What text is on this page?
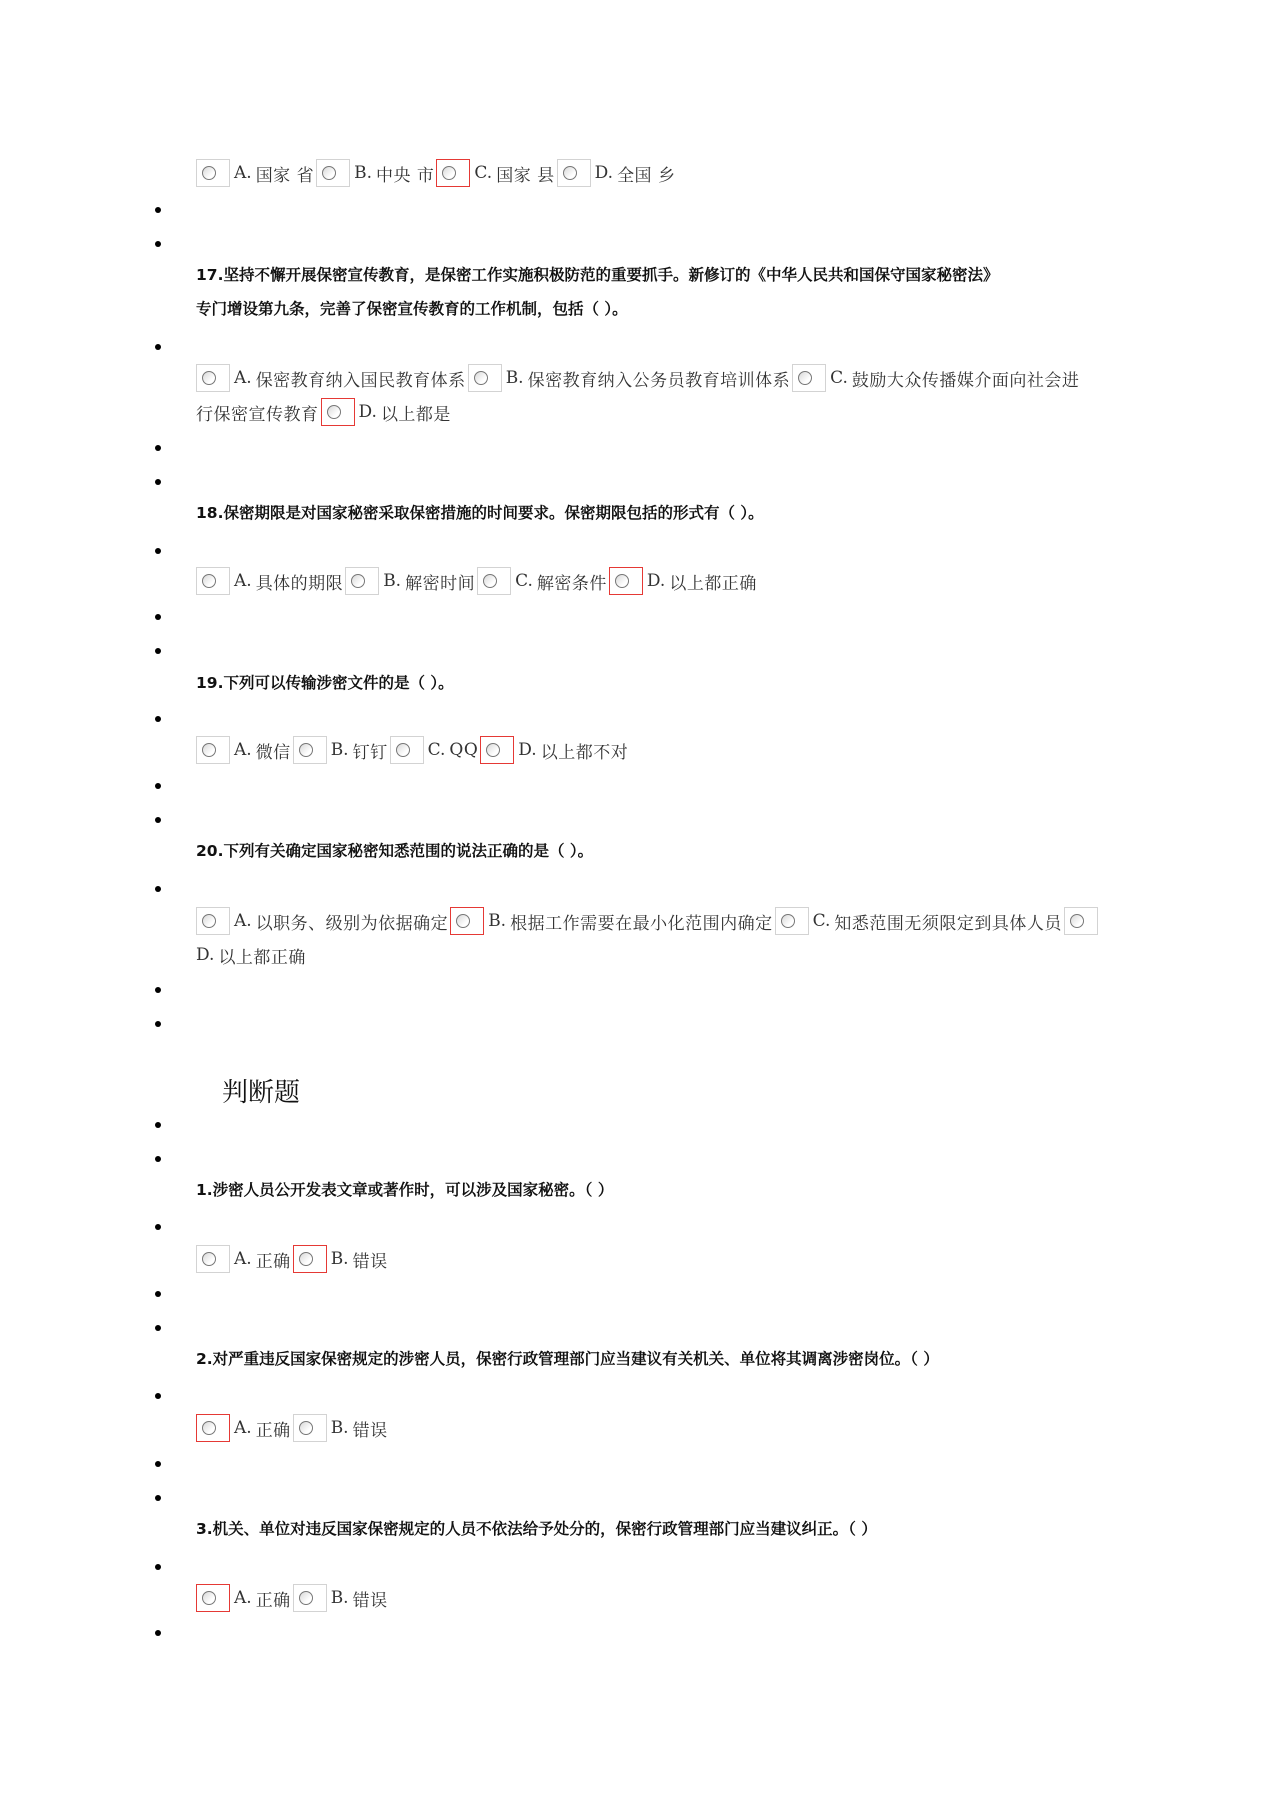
A. 国家 省 B. 中央 市 C. 国家 县 D. 全国 乡
17.坚持不懈开展保密宣传教育，是保密工作实施积极防范的重要抓手。新修订的《中华人民共和国保守国家秘密法》
专门增设第九条，完善了保密宣传教育的工作机制，包括（ ）。
A. 保密教育纳入国民教育体系 B. 保密教育纳入公务员教育培训体系 C. 鼓励大众传播媒介面向社会进
行保密宣传教育 D. 以上都是
18.保密期限是对国家秘密采取保密措施的时间要求。保密期限包括的形式有（ ）。
A. 具体的期限 B. 解密时间 C. 解密条件 D. 以上都正确
19.下列可以传输涉密文件的是（ ）。
A. 微信 B. 钉钉 C. QQ D. 以上都不对
20.下列有关确定国家秘密知悉范围的说法正确的是（ ）。
A. 以职务、级别为依据确定 B. 根据工作需要在最小化范围内确定 C. 知悉范围无须限定到具体人员
D. 以上都正确
判断题
1.涉密人员公开发表文章或著作时，可以涉及国家秘密。（ ）
A. 正确 B. 错误
2.对严重违反国家保密规定的涉密人员，保密行政管理部门应当建议有关机关、单位将其调离涉密岗位。（ ）
A. 正确 B. 错误
3.机关、单位对违反国家保密规定的人员不依法给予处分的，保密行政管理部门应当建议纠正。（ ）
A. 正确 B. 错误
